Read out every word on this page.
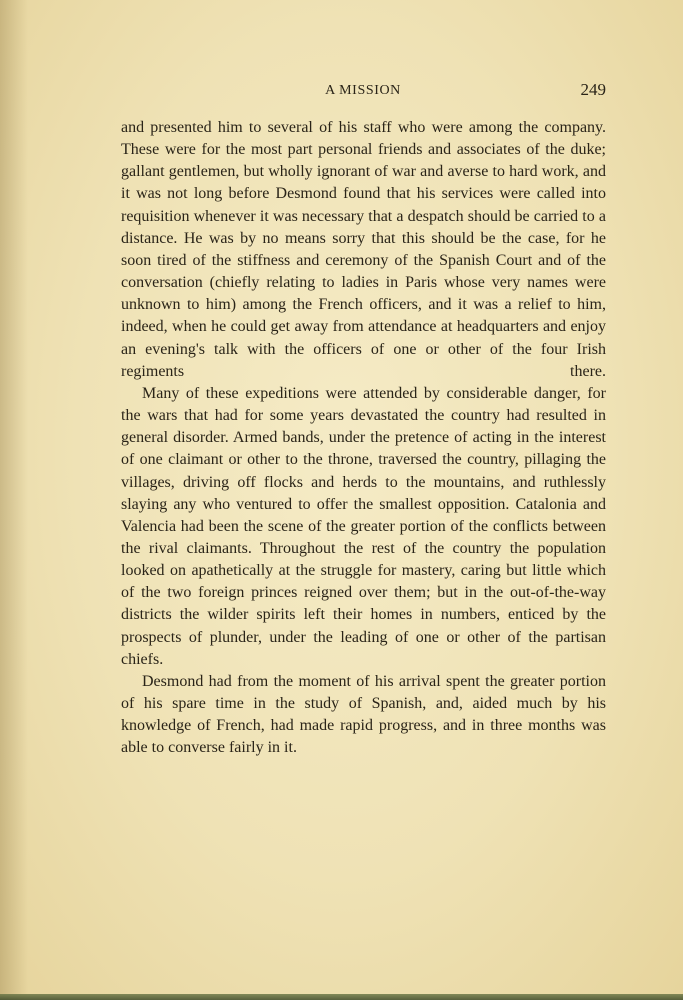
A MISSION	249

and presented him to several of his staff who were among the company. These were for the most part personal friends and associates of the duke; gallant gentlemen, but wholly ignorant of war and averse to hard work, and it was not long before Desmond found that his services were called into requisition whenever it was necessary that a despatch should be carried to a distance. He was by no means sorry that this should be the case, for he soon tired of the stiffness and ceremony of the Spanish Court and of the conversation (chiefly relating to ladies in Paris whose very names were unknown to him) among the French officers, and it was a relief to him, indeed, when he could get away from attendance at headquarters and enjoy an evening's talk with the officers of one or other of the four Irish regiments there.

Many of these expeditions were attended by considerable danger, for the wars that had for some years devastated the country had resulted in general disorder. Armed bands, under the pretence of acting in the interest of one claimant or other to the throne, traversed the country, pillaging the villages, driving off flocks and herds to the mountains, and ruthlessly slaying any who ventured to offer the smallest opposition. Catalonia and Valencia had been the scene of the greater portion of the conflicts between the rival claimants. Throughout the rest of the country the population looked on apathetically at the struggle for mastery, caring but little which of the two foreign princes reigned over them; but in the out-of-the-way districts the wilder spirits left their homes in numbers, enticed by the prospects of plunder, under the leading of one or other of the partisan chiefs.

Desmond had from the moment of his arrival spent the greater portion of his spare time in the study of Spanish, and, aided much by his knowledge of French, had made rapid progress, and in three months was able to converse fairly in it.
